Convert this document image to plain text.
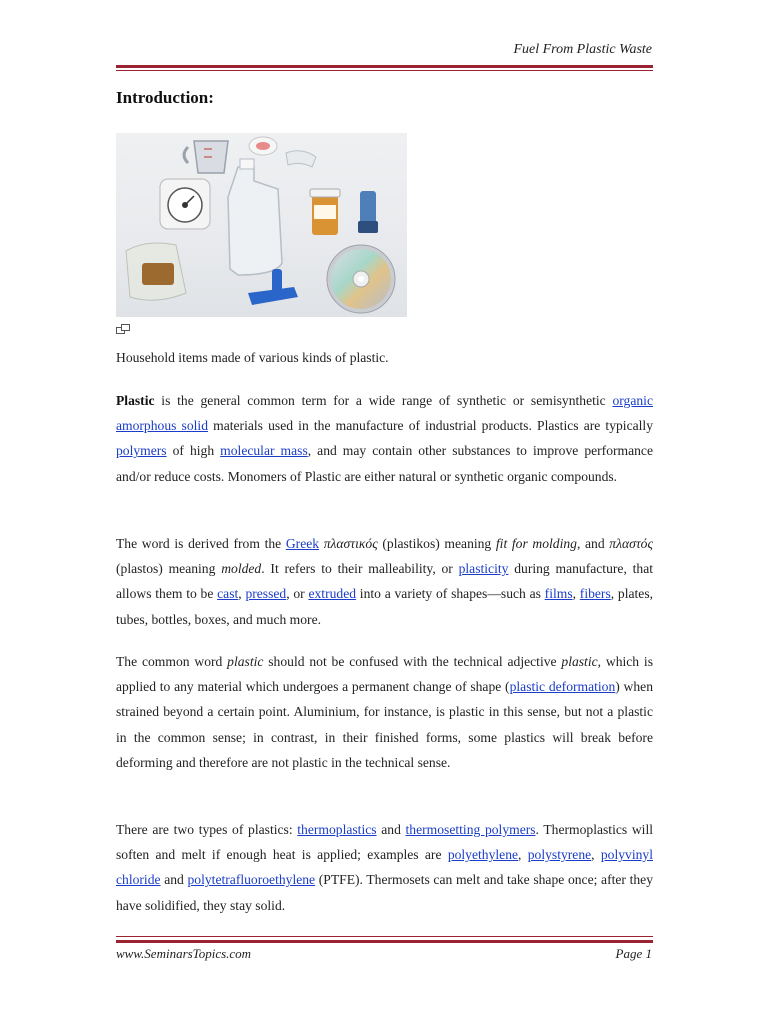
Fuel From Plastic Waste
Introduction:
Household items made of various kinds of plastic.

Plastic is the general common term for a wide range of synthetic or semisynthetic organic amorphous solid materials used in the manufacture of industrial products. Plastics are typically polymers of high molecular mass, and may contain other substances to improve performance and/or reduce costs. Monomers of Plastic are either natural or synthetic organic compounds.

The word is derived from the Greek πλαστικός (plastikos) meaning fit for molding, and πλαστός (plastos) meaning molded. It refers to their malleability, or plasticity during manufacture, that allows them to be cast, pressed, or extruded into a variety of shapes—such as films, fibers, plates, tubes, bottles, boxes, and much more.

The common word plastic should not be confused with the technical adjective plastic, which is applied to any material which undergoes a permanent change of shape (plastic deformation) when strained beyond a certain point. Aluminium, for instance, is plastic in this sense, but not a plastic in the common sense; in contrast, in their finished forms, some plastics will break before deforming and therefore are not plastic in the technical sense.

There are two types of plastics: thermoplastics and thermosetting polymers. Thermoplastics will soften and melt if enough heat is applied; examples are polyethylene, polystyrene, polyvinyl chloride and polytetrafluoroethylene (PTFE). Thermosets can melt and take shape once; after they have solidified, they stay solid.

www.SeminarsTopics.com	Page 1
